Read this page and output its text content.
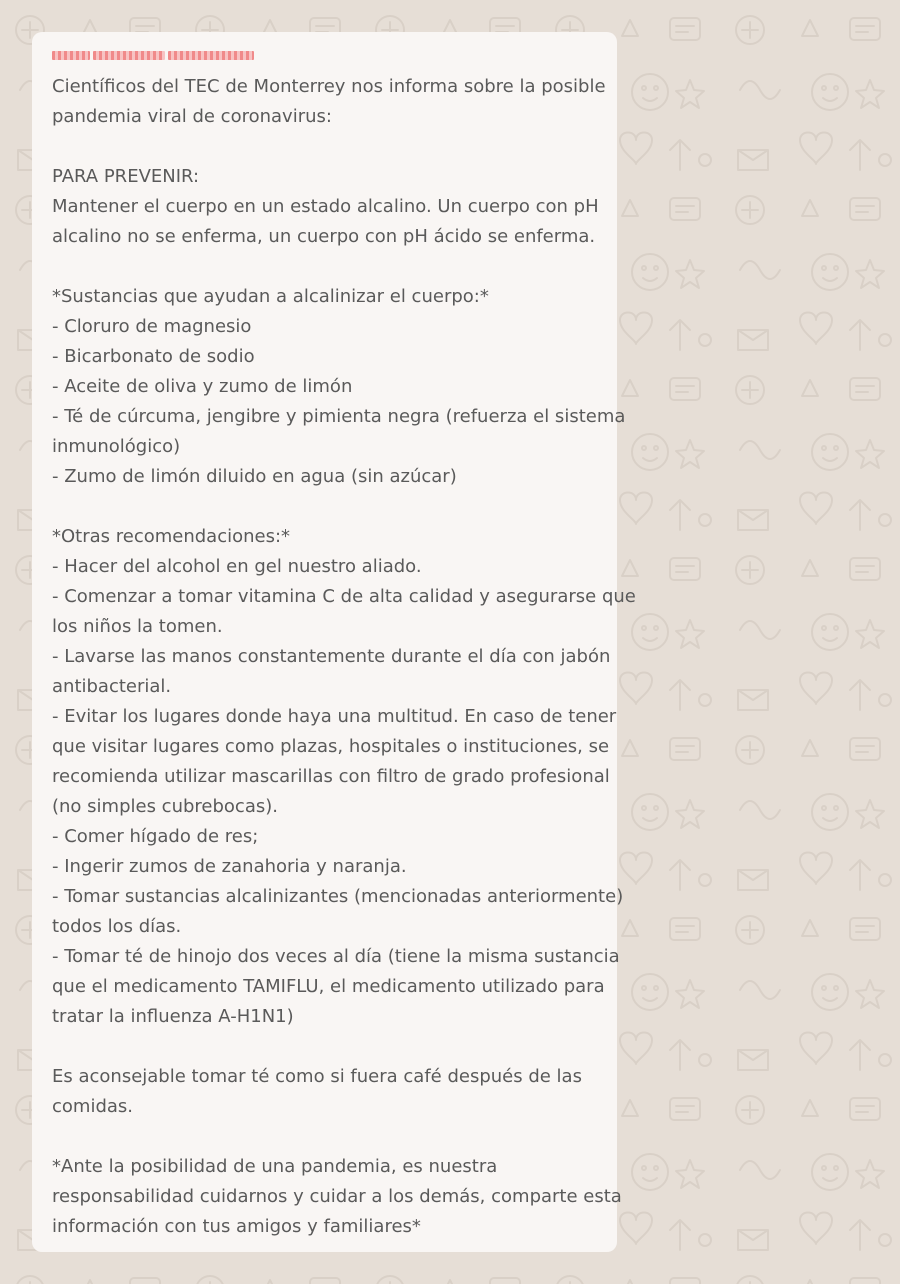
Científicos del TEC de Monterrey nos informa sobre la posible
pandemia viral de coronavirus:
PARA PREVENIR:
Mantener el cuerpo en un estado alcalino. Un cuerpo con pH
alcalino no se enferma, un cuerpo con pH ácido se enferma.
*Sustancias que ayudan a alcalinizar el cuerpo:*
- Cloruro de magnesio
- Bicarbonato de sodio
- Aceite de oliva y zumo de limón
- Té de cúrcuma, jengibre y pimienta negra (refuerza el sistema
inmunológico)
- Zumo de limón diluido en agua (sin azúcar)
*Otras recomendaciones:*
- Hacer del alcohol en gel nuestro aliado.
- Comenzar a tomar vitamina C de alta calidad y asegurarse que
los niños la tomen.
- Lavarse las manos constantemente durante el día con jabón
antibacterial.
- Evitar los lugares donde haya una multitud. En caso de tener
que visitar lugares como plazas, hospitales o instituciones, se
recomienda utilizar mascarillas con filtro de grado profesional
(no simples cubrebocas).
- Comer hígado de res;
- Ingerir zumos de zanahoria y naranja.
- Tomar sustancias alcalinizantes (mencionadas anteriormente)
todos los días.
- Tomar té de hinojo dos veces al día (tiene la misma sustancia
que el medicamento TAMIFLU, el medicamento utilizado para
tratar la influenza A-H1N1)
Es aconsejable tomar té como si fuera café después de las
comidas.
*Ante la posibilidad de una pandemia, es nuestra
responsabilidad cuidarnos y cuidar a los demás, comparte esta
información con tus amigos y familiares*
